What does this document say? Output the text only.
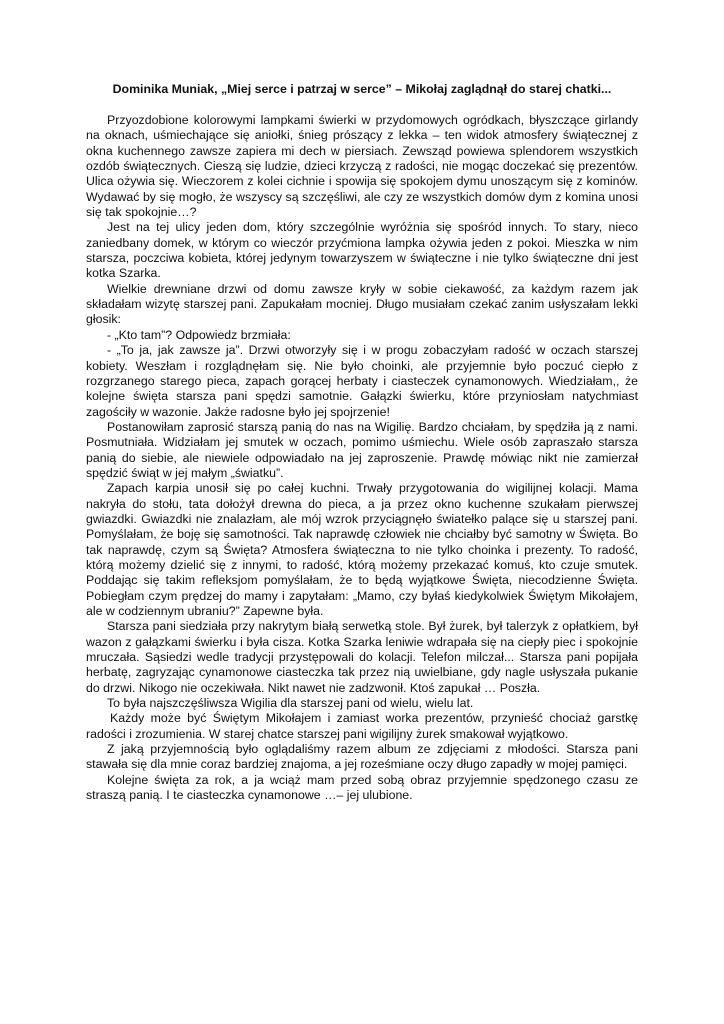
Dominika Muniak, „Miej serce i patrzaj w serce” – Mikołaj zaglądnął do starej chatki...

Przyozdobione kolorowymi lampkami świerki w przydomowych ogródkach, błyszczące girlandy na oknach, uśmiechające się aniołki, śnieg prószący z lekka – ten widok atmosfery świątecznej z okna kuchennego zawsze zapiera mi dech w piersiach. Zewsząd powiewa splendorem wszystkich ozdób świątecznych. Cieszą się ludzie, dzieci krzyczą z radości, nie mogąc doczekać się prezentów. Ulica ożywia się. Wieczorem z kolei cichnie i spowija się spokojem dymu unoszącym się z kominów. Wydawać by się mogło, że wszyscy są szczęśliwi, ale czy ze wszystkich domów dym z komina unosi się tak spokojnie…?

Jest na tej ulicy jeden dom, który szczególnie wyróżnia się spośród innych. To stary, nieco zaniedbany domek, w którym co wieczór przyćmiona lampka ożywia jeden z pokoi. Mieszka w nim starsza, poczciwa kobieta, której jedynym towarzyszem w świąteczne i nie tylko świąteczne dni jest kotka Szarka.

Wielkie drewniane drzwi od domu zawsze kryły w sobie ciekawość, za każdym razem jak składałam wizytę starszej pani. Zapukałam mocniej. Długo musiałam czekać zanim usłyszałam lekki głosik:

- „Kto tam”? Odpowiedz brzmiała:

- „To ja, jak zawsze ja”. Drzwi otworzyły się i w progu zobaczyłam radość w oczach starszej kobiety. Weszłam i rozglądnęłam się. Nie było choinki, ale przyjemnie było poczuć ciepło z rozgrzanego starego pieca, zapach gorącej herbaty i ciasteczek cynamonowych. Wiedziałam,, że kolejne święta starsza pani spędzi samotnie. Gałązki świerku, które przyniosłam natychmiast zagościły w wazonie. Jakże radosne było jej spojrzenie!

Postanowiłam zaprosić starszą panią do nas na Wigilię. Bardzo chciałam, by spędziła ją z nami. Posmutniała. Widziałam jej smutek w oczach, pomimo uśmiechu. Wiele osób zapraszało starsza panią do siebie, ale niewiele odpowiadało na jej zaproszenie. Prawdę mówiąc nikt nie zamierzał spędzić świąt w jej małym „światku”.

Zapach karpia unosił się po całej kuchni. Trwały przygotowania do wigilijnej kolacji. Mama nakryła do stołu, tata dołożył drewna do pieca, a ja przez okno kuchenne szukałam pierwszej gwiazdki. Gwiazdki nie znalazłam, ale mój wzrok przyciągnęło światełko palące się u starszej pani. Pomyślałam, że boję się samotności. Tak naprawdę człowiek nie chciałby być samotny w Święta. Bo tak naprawdę, czym są Święta? Atmosfera świąteczna to nie tylko choinka i prezenty. To radość, którą możemy dzielić się z innymi, to radość, którą możemy przekazać komuś, kto czuje smutek. Poddając się takim refleksjom pomyślałam, że to będą wyjątkowe Święta, niecodzienne Święta. Pobiegłam czym prędzej do mamy i zapytałam: „Mamo, czy byłaś kiedykolwiek Świętym Mikołajem, ale w codziennym ubraniu?” Zapewne była.

Starsza pani siedziała przy nakrytym białą serwetką stole. Był żurek, był talerzyk z opłatkiem, był wazon z gałązkami świerku i była cisza. Kotka Szarka leniwie wdrapała się na ciepły piec i spokojnie mruczała. Sąsiedzi wedle tradycji przystępowali do kolacji. Telefon milczał... Starsza pani popijała herbatę, zagryzając cynamonowe ciasteczka tak przez nią uwielbiane, gdy nagle usłyszała pukanie do drzwi. Nikogo nie oczekiwała. Nikt nawet nie zadzwonił. Ktoś zapukał … Poszła.

To była najszczęśliwsza Wigilia dla starszej pani od wielu, wielu lat.

Każdy może być Świętym Mikołajem i zamiast worka prezentów, przynieść chociaż garstkę radości i zrozumienia. W starej chatce starszej pani wigilijny żurek smakował wyjątkowo.

Z jaką przyjemnością było oglądaliśmy razem album ze zdjęciami z młodości. Starsza pani stawała się dla mnie coraz bardziej znajoma, a jej roześmiane oczy długo zapadły w mojej pamięci.

Kolejne święta za rok, a ja wciąż mam przed sobą obraz przyjemnie spędzonego czasu ze straszą panią. I te ciasteczka cynamonowe …– jej ulubione.
